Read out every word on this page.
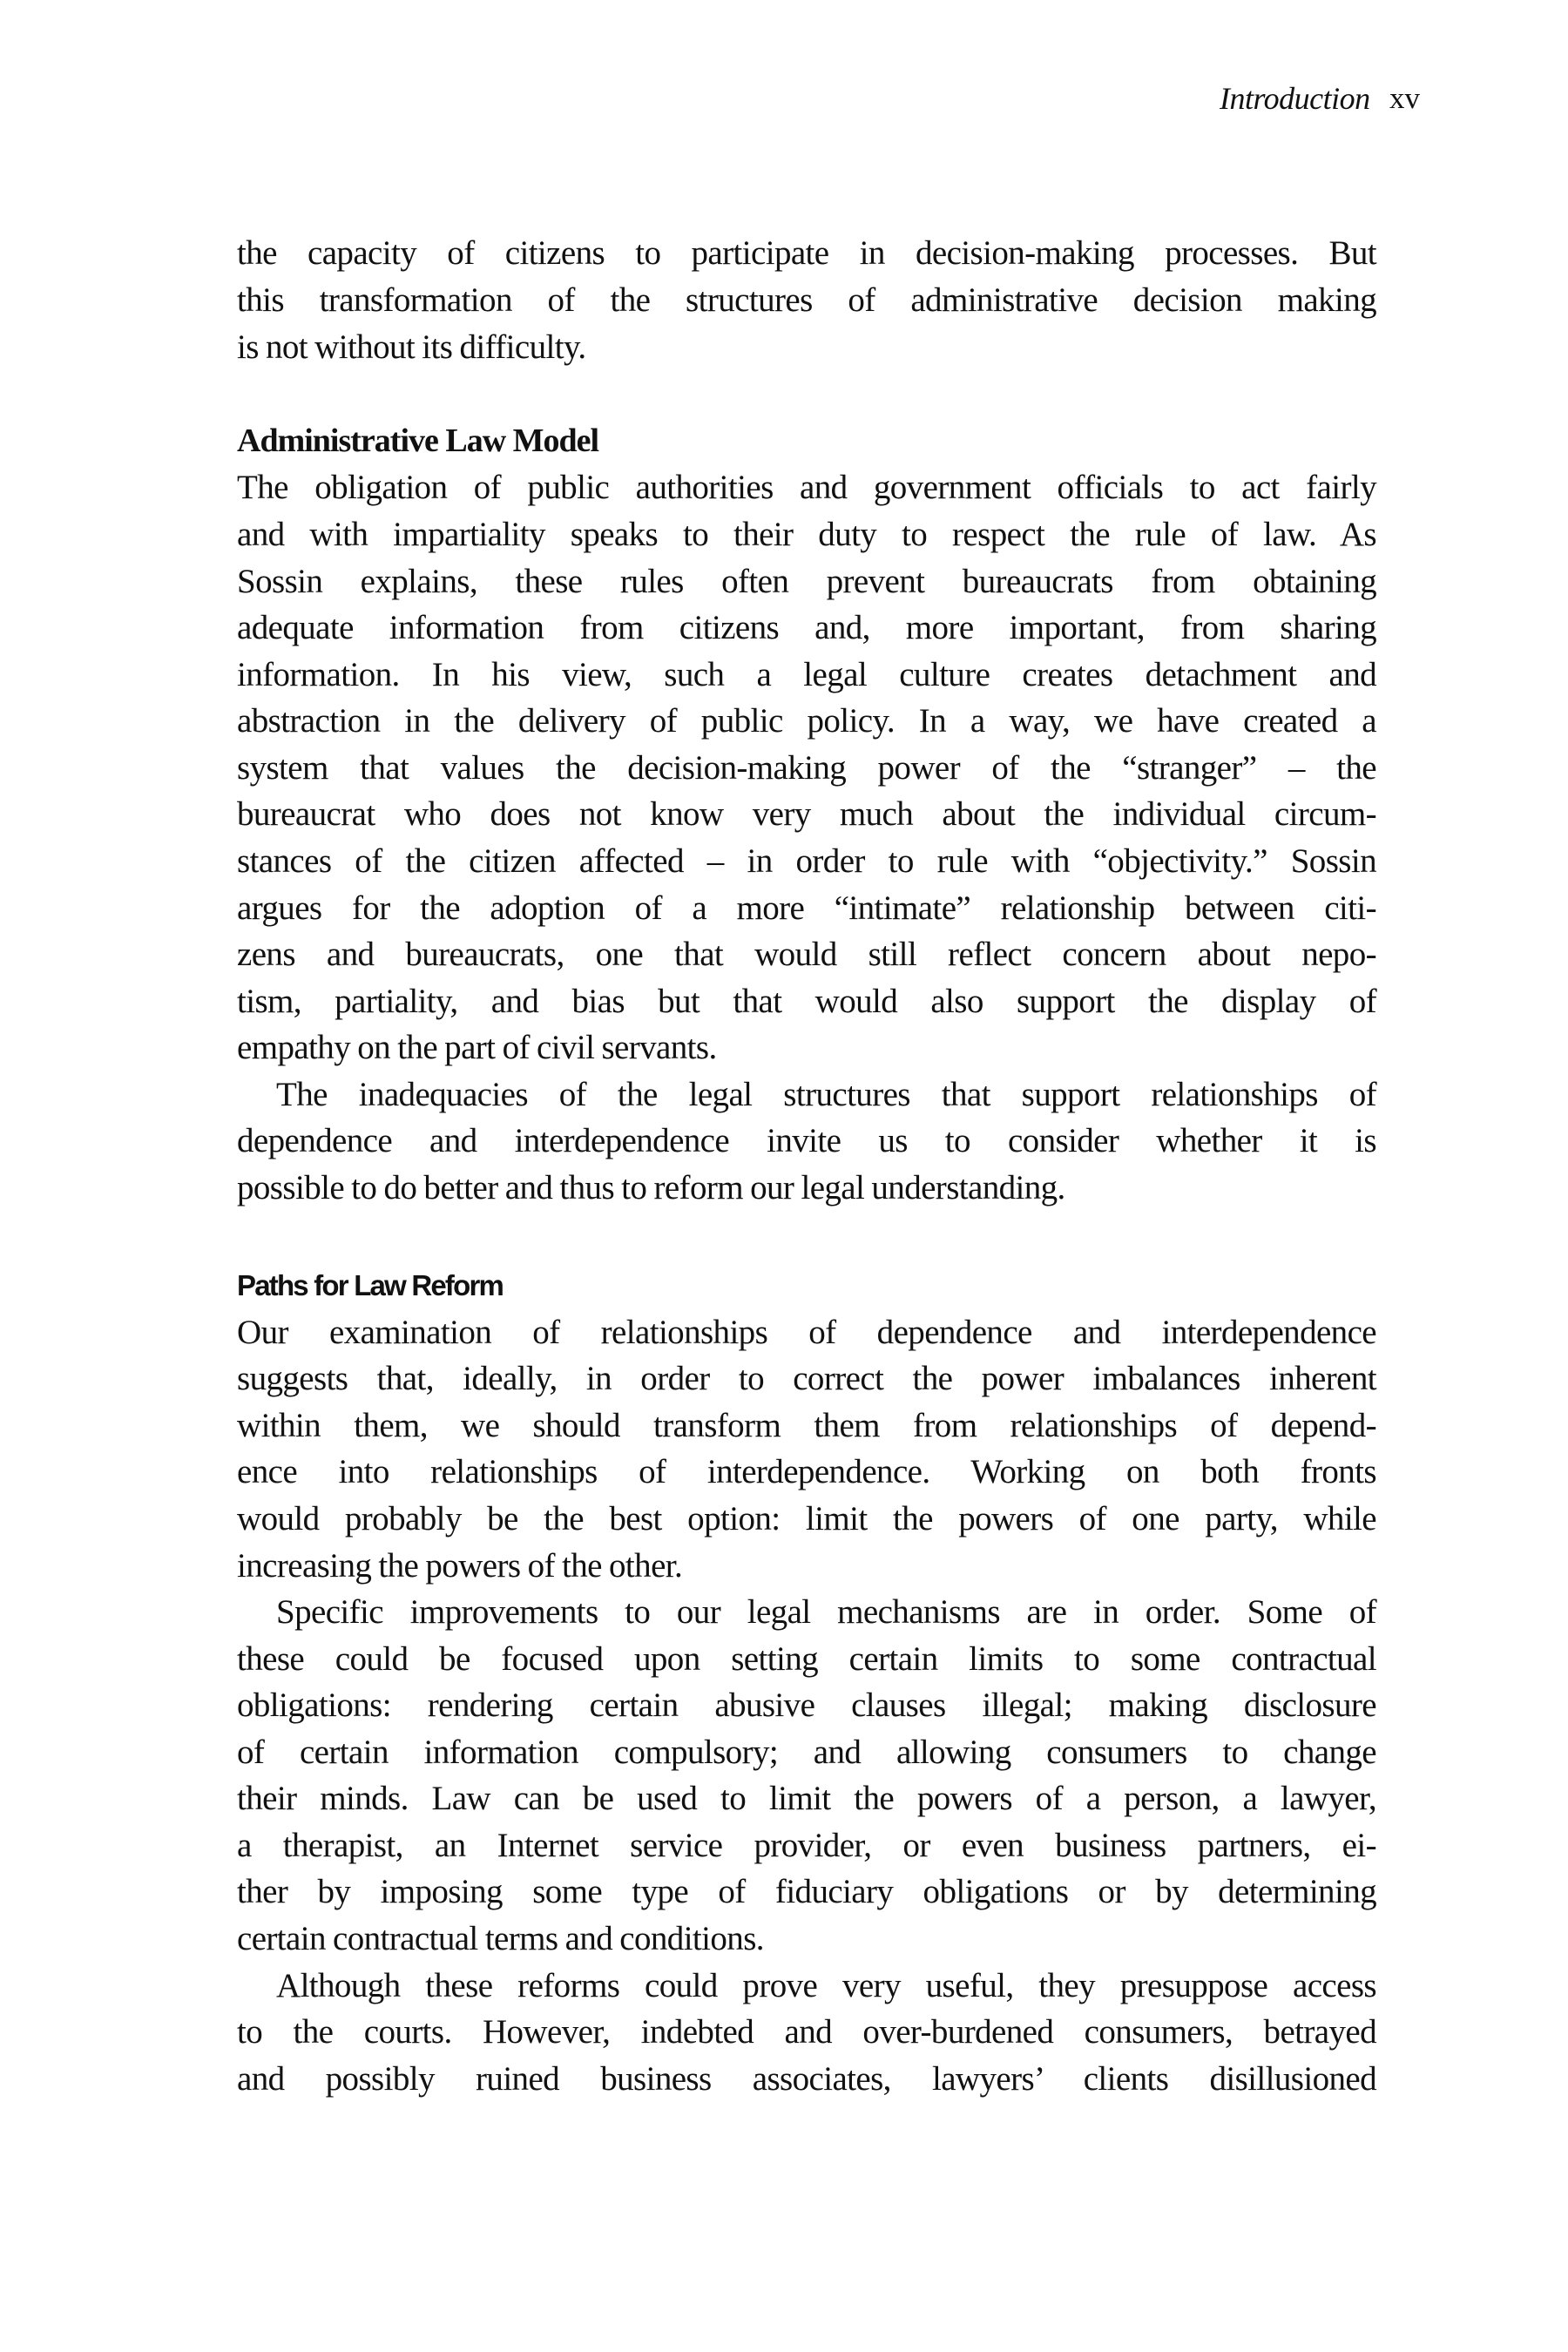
Introduction xv
the capacity of citizens to participate in decision-making processes. But
this transformation of the structures of administrative decision making
is not without its difficulty.
Administrative Law Model
The obligation of public authorities and government officials to act fairly
and with impartiality speaks to their duty to respect the rule of law. As
Sossin explains, these rules often prevent bureaucrats from obtaining
adequate information from citizens and, more important, from sharing
information. In his view, such a legal culture creates detachment and
abstraction in the delivery of public policy. In a way, we have created a
system that values the decision-making power of the “stranger” – the
bureaucrat who does not know very much about the individual circum-
stances of the citizen affected – in order to rule with “objectivity.” Sossin
argues for the adoption of a more “intimate” relationship between citi-
zens and bureaucrats, one that would still reflect concern about nepo-
tism, partiality, and bias but that would also support the display of
empathy on the part of civil servants.
The inadequacies of the legal structures that support relationships of
dependence and interdependence invite us to consider whether it is
possible to do better and thus to reform our legal understanding.
Paths for Law Reform
Our examination of relationships of dependence and interdependence
suggests that, ideally, in order to correct the power imbalances inherent
within them, we should transform them from relationships of depend-
ence into relationships of interdependence. Working on both fronts
would probably be the best option: limit the powers of one party, while
increasing the powers of the other.
Specific improvements to our legal mechanisms are in order. Some of
these could be focused upon setting certain limits to some contractual
obligations: rendering certain abusive clauses illegal; making disclosure
of certain information compulsory; and allowing consumers to change
their minds. Law can be used to limit the powers of a person, a lawyer,
a therapist, an Internet service provider, or even business partners, ei-
ther by imposing some type of fiduciary obligations or by determining
certain contractual terms and conditions.
Although these reforms could prove very useful, they presuppose access
to the courts. However, indebted and over-burdened consumers, betrayed
and possibly ruined business associates, lawyers’ clients disillusioned
